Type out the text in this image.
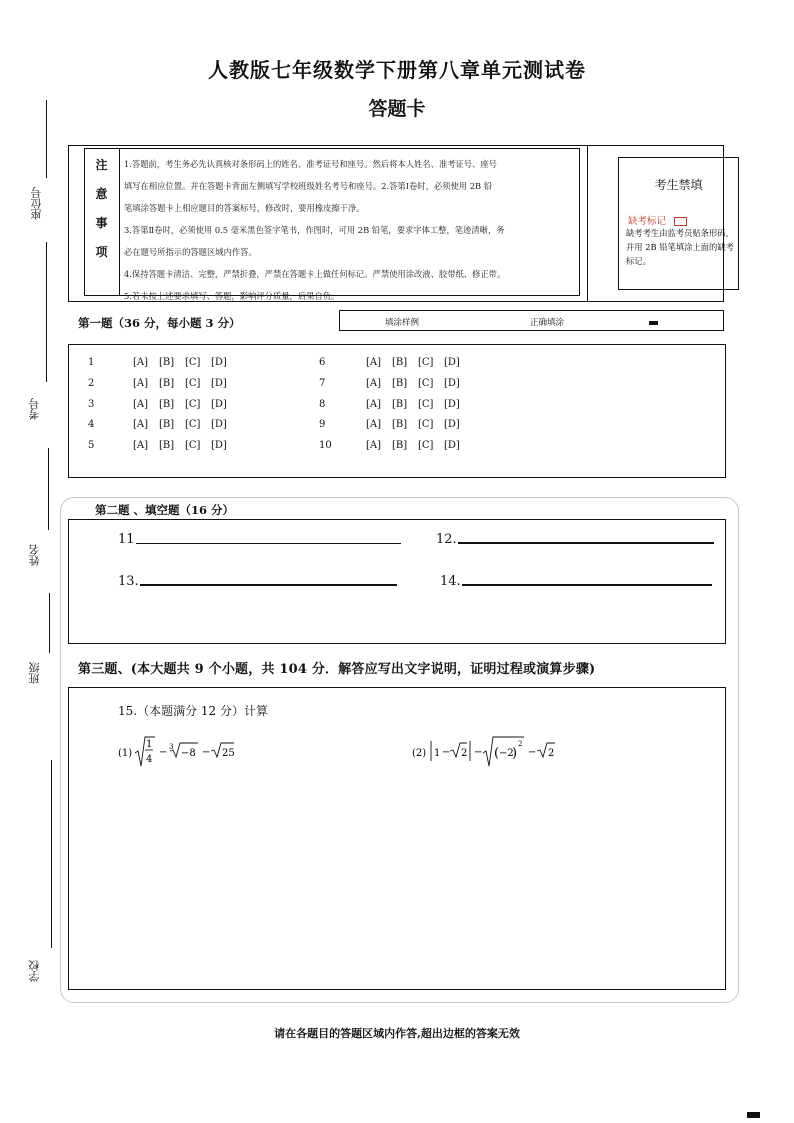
人教版七年级数学下册第八章单元测试卷
答题卡
座位号
考号
姓名
班级
学校
注
意
事
项
1.答题前，考生务必先认真核对条形码上的姓名、准考证号和座号。然后将本人姓名、准考证号、座号
填写在相应位置。并在答题卡背面左侧填写学校班级姓名考号和座号。2.答第Ⅰ卷时，必须使用 2B 铅
笔填涂答题卡上相应题目的答案标号，修改时，要用橡皮擦干净。
3.答第Ⅱ卷时，必须使用 0.5 毫米黑色签字笔书，作图时，可用 2B 铅笔，要求字体工整，笔迹清晰，务
必在题号所指示的答题区域内作答。
4.保持答题卡清洁、完整，严禁折叠，严禁在答题卡上做任何标记。严禁使用涂改液、胶带纸、修正带。
5.若未按上述要求填写、答题，影响评分质量，后果自负。
考生禁填
缺考标记
缺考考生由监考员贴条形码，并用 2B 铅笔填涂上面的缺考标记。
第一题（36 分，每小题 3 分）	填涂样例	正确填涂
1	[A]	[B]	[C]	[D]
2	[A]	[B]	[C]	[D]
3	[A]	[B]	[C]	[D]
4	[A]	[B]	[C]	[D]
5	[A]	[B]	[C]	[D]
6	[A]	[B]	[C]	[D]
7	[A]	[B]	[C]	[D]
8	[A]	[B]	[C]	[D]
9	[A]	[B]	[C]	[D]
10	[A]	[B]	[C]	[D]
第二题 、填空题（16 分）
11	12.
13.	14.
第三题、(本大题共 9 个小题，共 104 分．解答应写出文字说明，证明过程或演算步骤)
15.（本题满分 12 分）计算
(1)
1
4
− 3
−8 − 25	(2) 1 − 2 − ( −2
)
2
− 2
请在各题目的答题区域内作答,超出边框的答案无效
